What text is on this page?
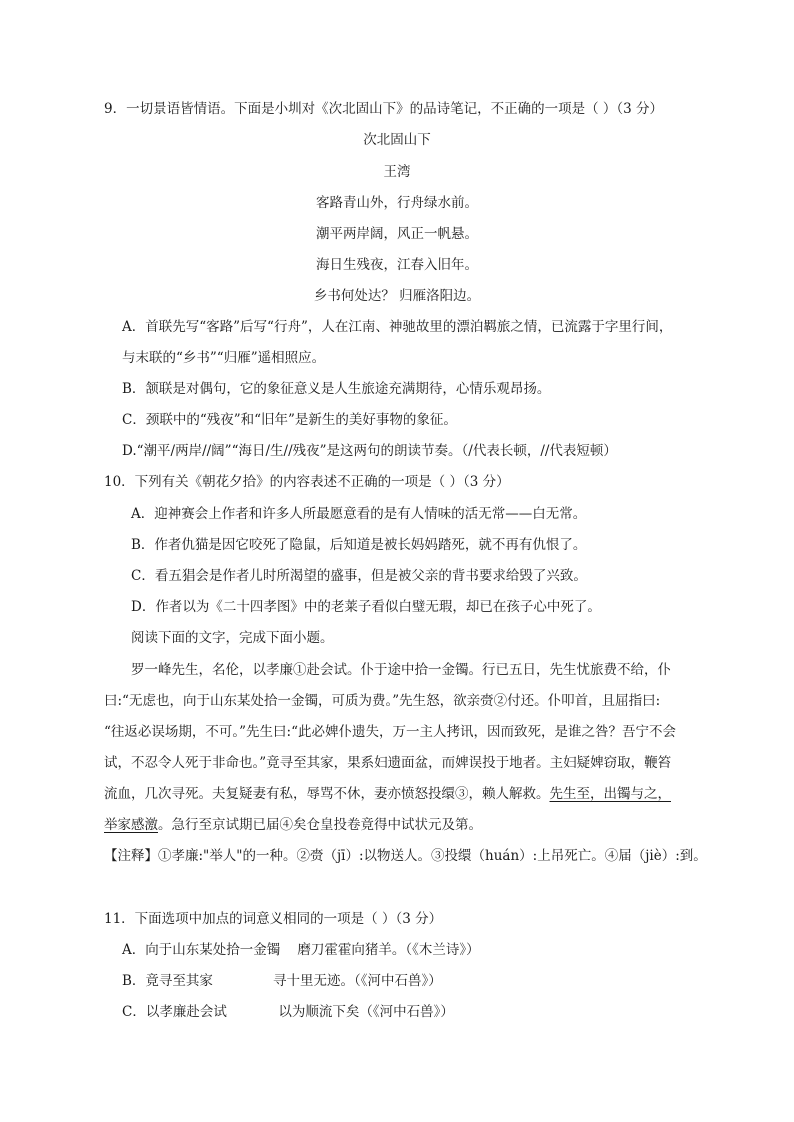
9．一切景语皆情语。下面是小圳对《次北固山下》的品诗笔记，不正确的一项是（ ）（3 分）
次北固山下
王湾
客路青山外，行舟绿水前。
潮平两岸阔，风正一帆悬。
海日生残夜，江春入旧年。
乡书何处达？ 归雁洛阳边。
A．首联先写“客路”后写“行舟”，人在江南、神驰故里的漂泊羁旅之情，已流露于字里行间，
与末联的“乡书”“归雁”遥相照应。
B．颔联是对偶句，它的象征意义是人生旅途充满期待，心情乐观昂扬。
C．颈联中的“残夜”和“旧年”是新生的美好事物的象征。
D.“潮平/两岸//阔”“海日/生//残夜”是这两句的朗读节奏。（/代表长顿，//代表短顿）
10．下列有关《朝花夕拾》的内容表述不正确的一项是（ ）（3 分）
A．迎神赛会上作者和许多人所最愿意看的是有人情味的活无常——白无常。
B．作者仇猫是因它咬死了隐鼠，后知道是被长妈妈踏死，就不再有仇恨了。
C．看五猖会是作者儿时所渴望的盛事，但是被父亲的背书要求给毁了兴致。
D．作者以为《二十四孝图》中的老莱子看似白璧无瑕，却已在孩子心中死了。
阅读下面的文字，完成下面小题。
罗一峰先生，名伦，以孝廉①赴会试。仆于途中拾一金镯。行已五日，先生忧旅费不给，仆
曰:“无虑也，向于山东某处拾一金镯，可质为费。”先生怒，欲亲赍②付还。仆叩首，且屈指曰:
“往返必误场期，不可。”先生曰:“此必婢仆遗失，万一主人拷讯，因而致死，是谁之咎？吾宁不会
试，不忍令人死于非命也。”竟寻至其家，果系妇遗面盆，而婢误投于地者。主妇疑婢窃取，鞭笞
流血，几次寻死。夫复疑妻有私，辱骂不休，妻亦愤怒投缳③，赖人解救。先生至，出镯与之，
举家感激。急行至京试期已届④矣仓皇投卷竟得中试状元及第。
【注释】①孝廉:"举人"的一种。②赍（jī）:以物送人。③投缳（huán）:上吊死亡。④届（jiè）:到。
11．下面选项中加点的词意义相同的一项是（ ）（3 分）
A．向于山东某处拾一金镯    磨刀霍霍向猪羊。（《木兰诗》）
B．竟寻至其家              寻十里无迹。（《河中石兽》）
C．以孝廉赴会试            以为顺流下矣（《河中石兽》）
